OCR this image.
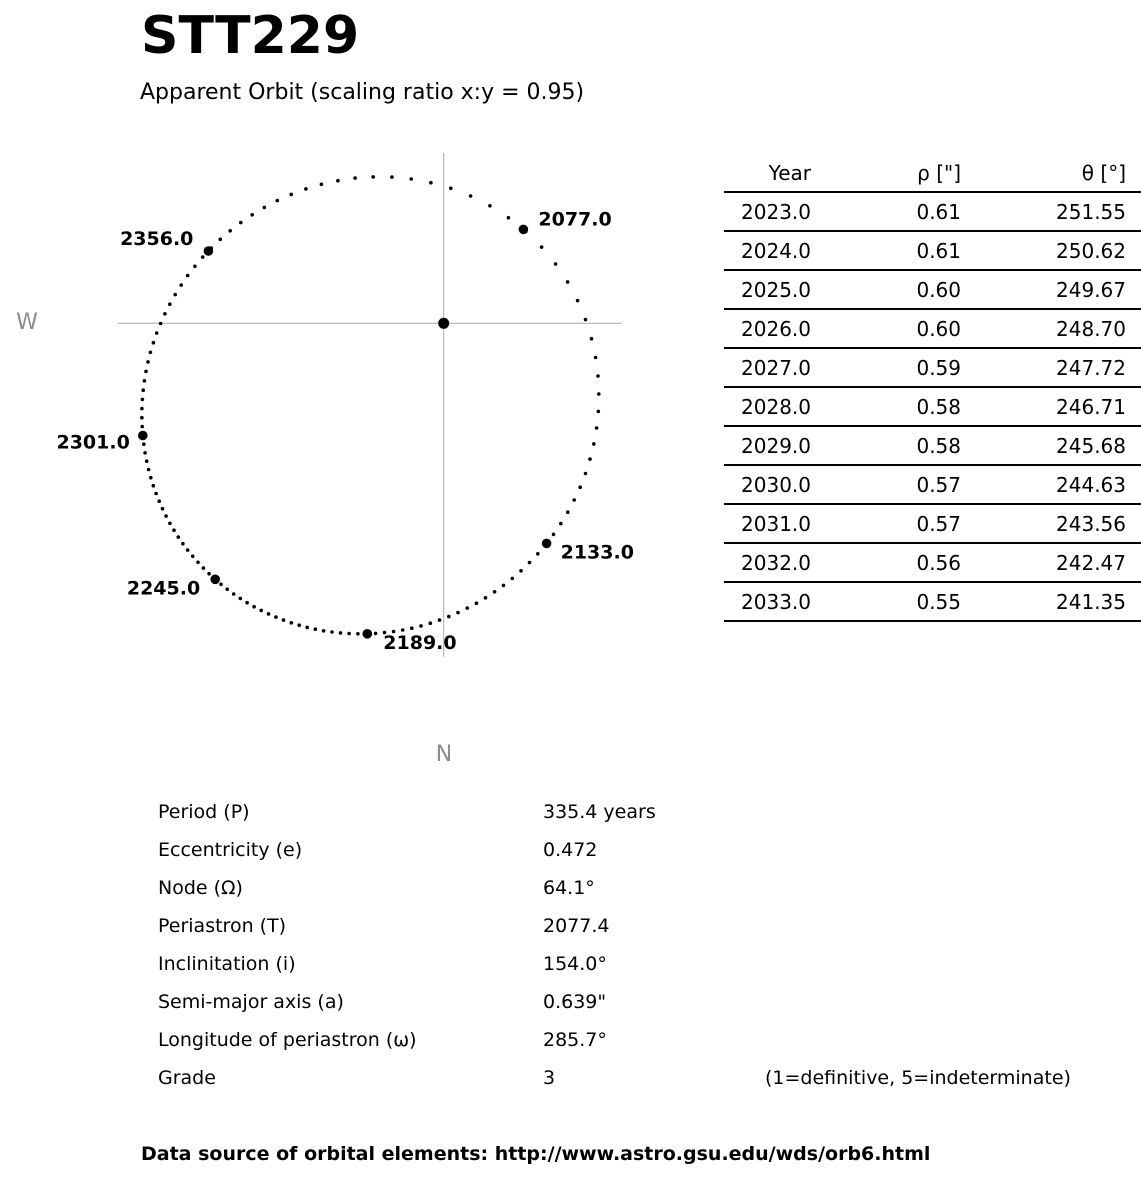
W
N
2077.0
2133.0
2189.0
2245.0
2301.0
2356.0
STT229
Apparent Orbit (scaling ratio x:y = 0.95)
Year	ρ ["]	θ [°]
2023.0	0.61	251.55
2024.0	0.61	250.62
2025.0	0.60	249.67
2026.0	0.60	248.70
2027.0	0.59	247.72
2028.0	0.58	246.71
2029.0	0.58	245.68
2030.0	0.57	244.63
2031.0	0.57	243.56
2032.0	0.56	242.47
2033.0	0.55	241.35
Period (P)	335.4 years
Eccentricity (e)	0.472
Node (Ω)	64.1°
Periastron (T)	2077.4
Inclinitation (i)	154.0°
Semi-major axis (a)	0.639"
Longitude of periastron (ω)	285.7°
Grade	3	(1=definitive, 5=indeterminate)
Data source of orbital elements: http://www.astro.gsu.edu/wds/orb6.html
